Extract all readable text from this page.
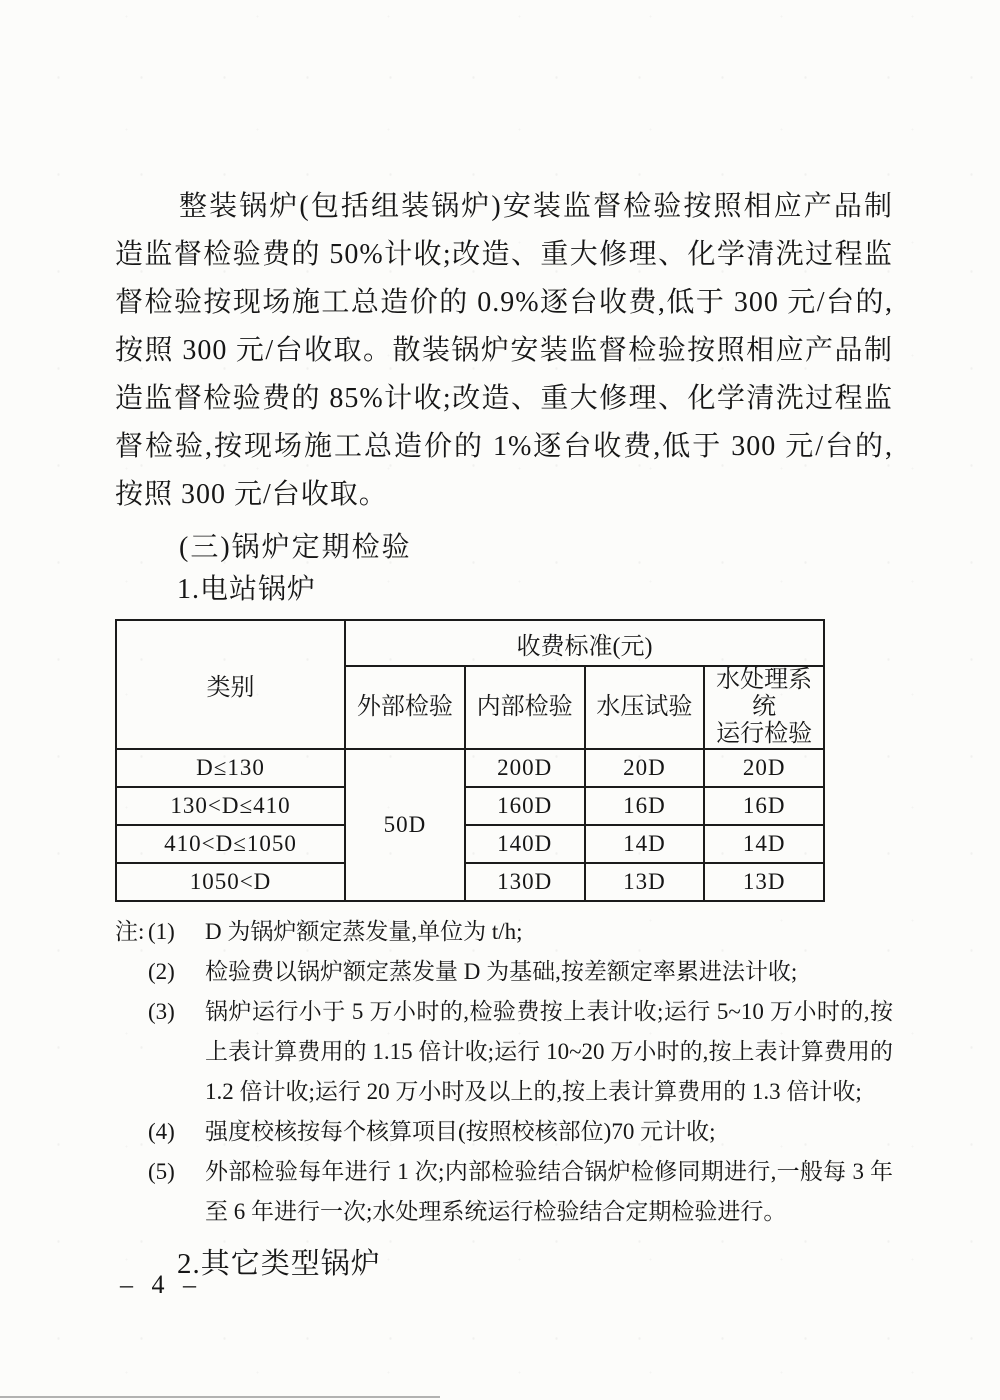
整装锅炉(包括组装锅炉)安装监督检验按照相应产品制造监督检验费的 50%计收;改造、重大修理、化学清洗过程监督检验按现场施工总造价的 0.9%逐台收费,低于 300 元/台的,按照 300 元/台收取。散装锅炉安装监督检验按照相应产品制造监督检验费的 85%计收;改造、重大修理、化学清洗过程监督检验,按现场施工总造价的 1%逐台收费,低于 300 元/台的,按照 300 元/台收取。

(三)锅炉定期检验
1.电站锅炉
类别	收费标准(元)			
	外部检验	内部检验	水压试验	水处理系统
运行检验
D≤130	50D	200D	20D	20D
130<D≤410		160D	16D	16D
410<D≤1050		140D	14D	14D
1050<D		130D	13D	13D
注: (1) D 为锅炉额定蒸发量,单位为 t/h;
(2) 检验费以锅炉额定蒸发量 D 为基础,按差额定率累进法计收;
(3) 锅炉运行小于 5 万小时的,检验费按上表计收;运行 5~10 万小时的,按上表计算费用的 1.15 倍计收;运行 10~20 万小时的,按上表计算费用的 1.2 倍计收;运行 20 万小时及以上的,按上表计算费用的 1.3 倍计收;
(4) 强度校核按每个核算项目(按照校核部位)70 元计收;
(5) 外部检验每年进行 1 次;内部检验结合锅炉检修同期进行,一般每 3 年至 6 年进行一次;水处理系统运行检验结合定期检验进行。
2.其它类型锅炉
– 4 –
